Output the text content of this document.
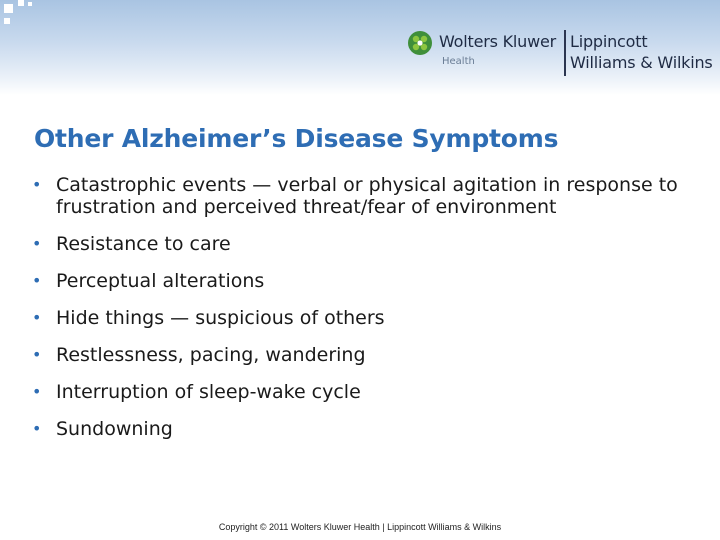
Wolters Kluwer
Health
Lippincott
Williams & Wilkins
Other Alzheimer’s Disease Symptoms
• Catastrophic events — verbal or physical agitation in response to frustration and perceived threat/fear of environment
• Resistance to care
• Perceptual alterations
• Hide things — suspicious of others
• Restlessness, pacing, wandering
• Interruption of sleep-wake cycle
• Sundowning
Copyright © 2011 Wolters Kluwer Health | Lippincott Williams & Wilkins
